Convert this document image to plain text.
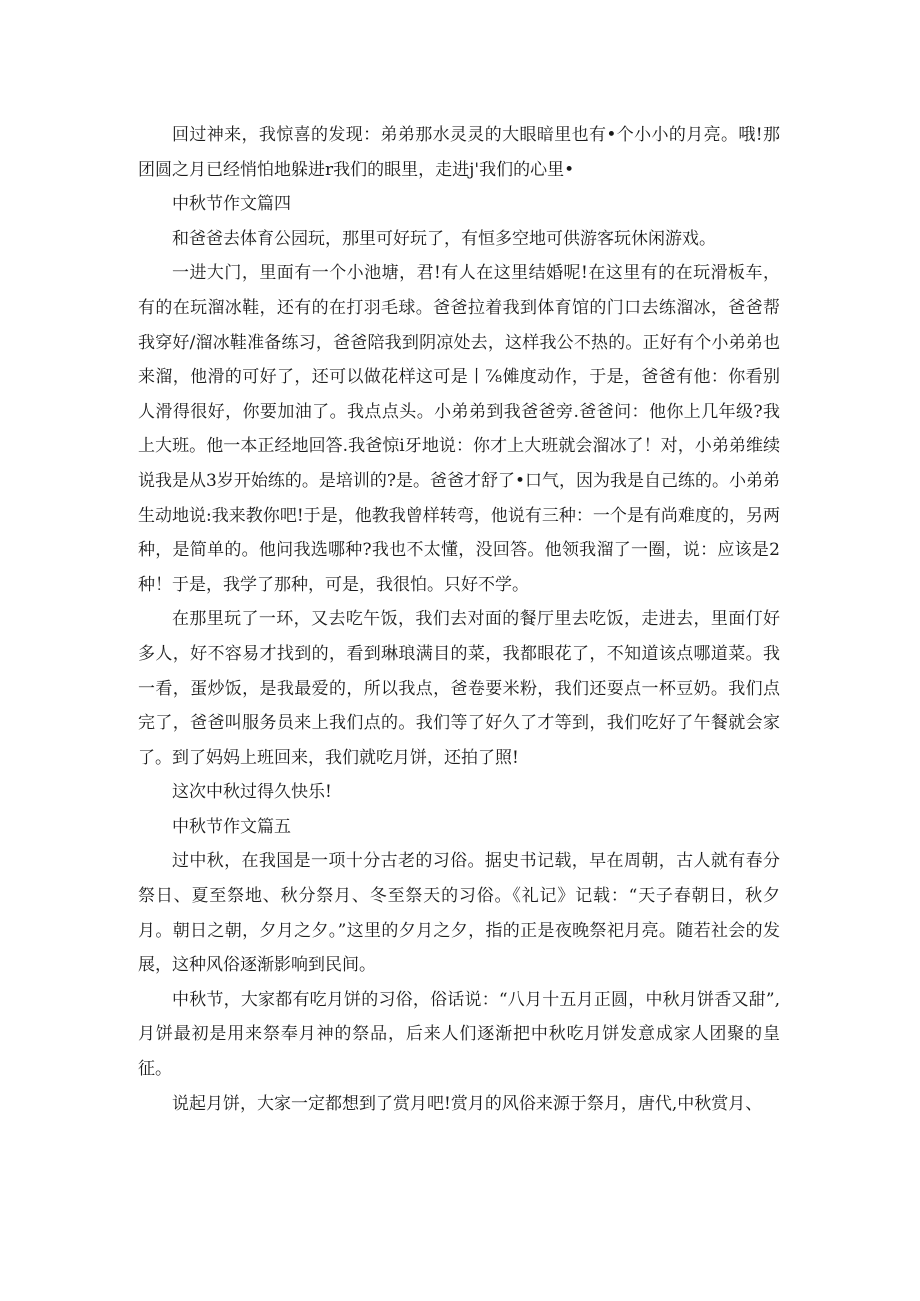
回过神来，我惊喜的发现：弟弟那水灵灵的大眼暗里也有•个小小的月亮。哦!那团圆之月已经悄怕地躲进r我们的眼里，走进j'我们的心里•

中秋节作文篇四

和爸爸去体育公园玩，那里可好玩了，有恒多空地可供游客玩休闲游戏。

一进大门，里面有一个小池塘，君!有人在这里结婚呢!在这里有的在玩滑板车，有的在玩溜冰鞋，还有的在打羽毛球。爸爸拉着我到体育馆的门口去练溜冰，爸爸帮我穿好/溜冰鞋准备练习，爸爸陪我到阴凉处去，这样我公不热的。正好有个小弟弟也来溜，他滑的可好了，还可以做花样这可是丨⅞傩度动作，于是，爸爸有他：你看别人滑得很好，你要加油了。我点点头。小弟弟到我爸爸旁.爸爸问：他你上几年级?我上大班。他一本正经地回答.我爸惊i牙地说：你才上大班就会溜冰了！对，小弟弟维续说我是从3岁开始练的。是培训的?是。爸爸才舒了•口气，因为我是自己练的。小弟弟生动地说:我来教你吧!于是，他教我曾样转弯，他说有三种：一个是有尚难度的，另两种，是简单的。他问我选哪种?我也不太懂，没回答。他领我溜了一圈，说：应该是2种！于是，我学了那种，可是，我很怕。只好不学。

在那里玩了一环，又去吃午饭，我们去对面的餐厅里去吃饭，走进去，里面仃好多人，好不容易才找到的，看到琳琅满目的菜，我都眼花了，不知道该点哪道菜。我一看，蛋炒饭，是我最爱的，所以我点，爸卷要米粉，我们还耍点一杯豆奶。我们点完了，爸爸叫服务员来上我们点的。我们等了好久了才等到，我们吃好了午餐就会家了。到了妈妈上班回来，我们就吃月饼，还拍了照!

这次中秋过得久快乐!

中秋节作文篇五

过中秋，在我国是一项十分古老的习俗。据史书记载，早在周朝，古人就有春分祭日、夏至祭地、秋分祭月、冬至祭天的习俗。《礼记》记载：“天子春朝日，秋夕月。朝日之朝，夕月之夕。”这里的夕月之夕，指的正是夜晚祭祀月亮。随若社会的发展，这种风俗逐渐影响到民间。

中秋节，大家都有吃月饼的习俗，俗话说：“八月十五月正圆，中秋月饼香又甜”,月饼最初是用来祭奉月神的祭品，后来人们逐渐把中秋吃月饼发意成家人团聚的皇征。

说起月饼，大家一定都想到了赏月吧!赏月的风俗来源于祭月，唐代,中秋赏月、
